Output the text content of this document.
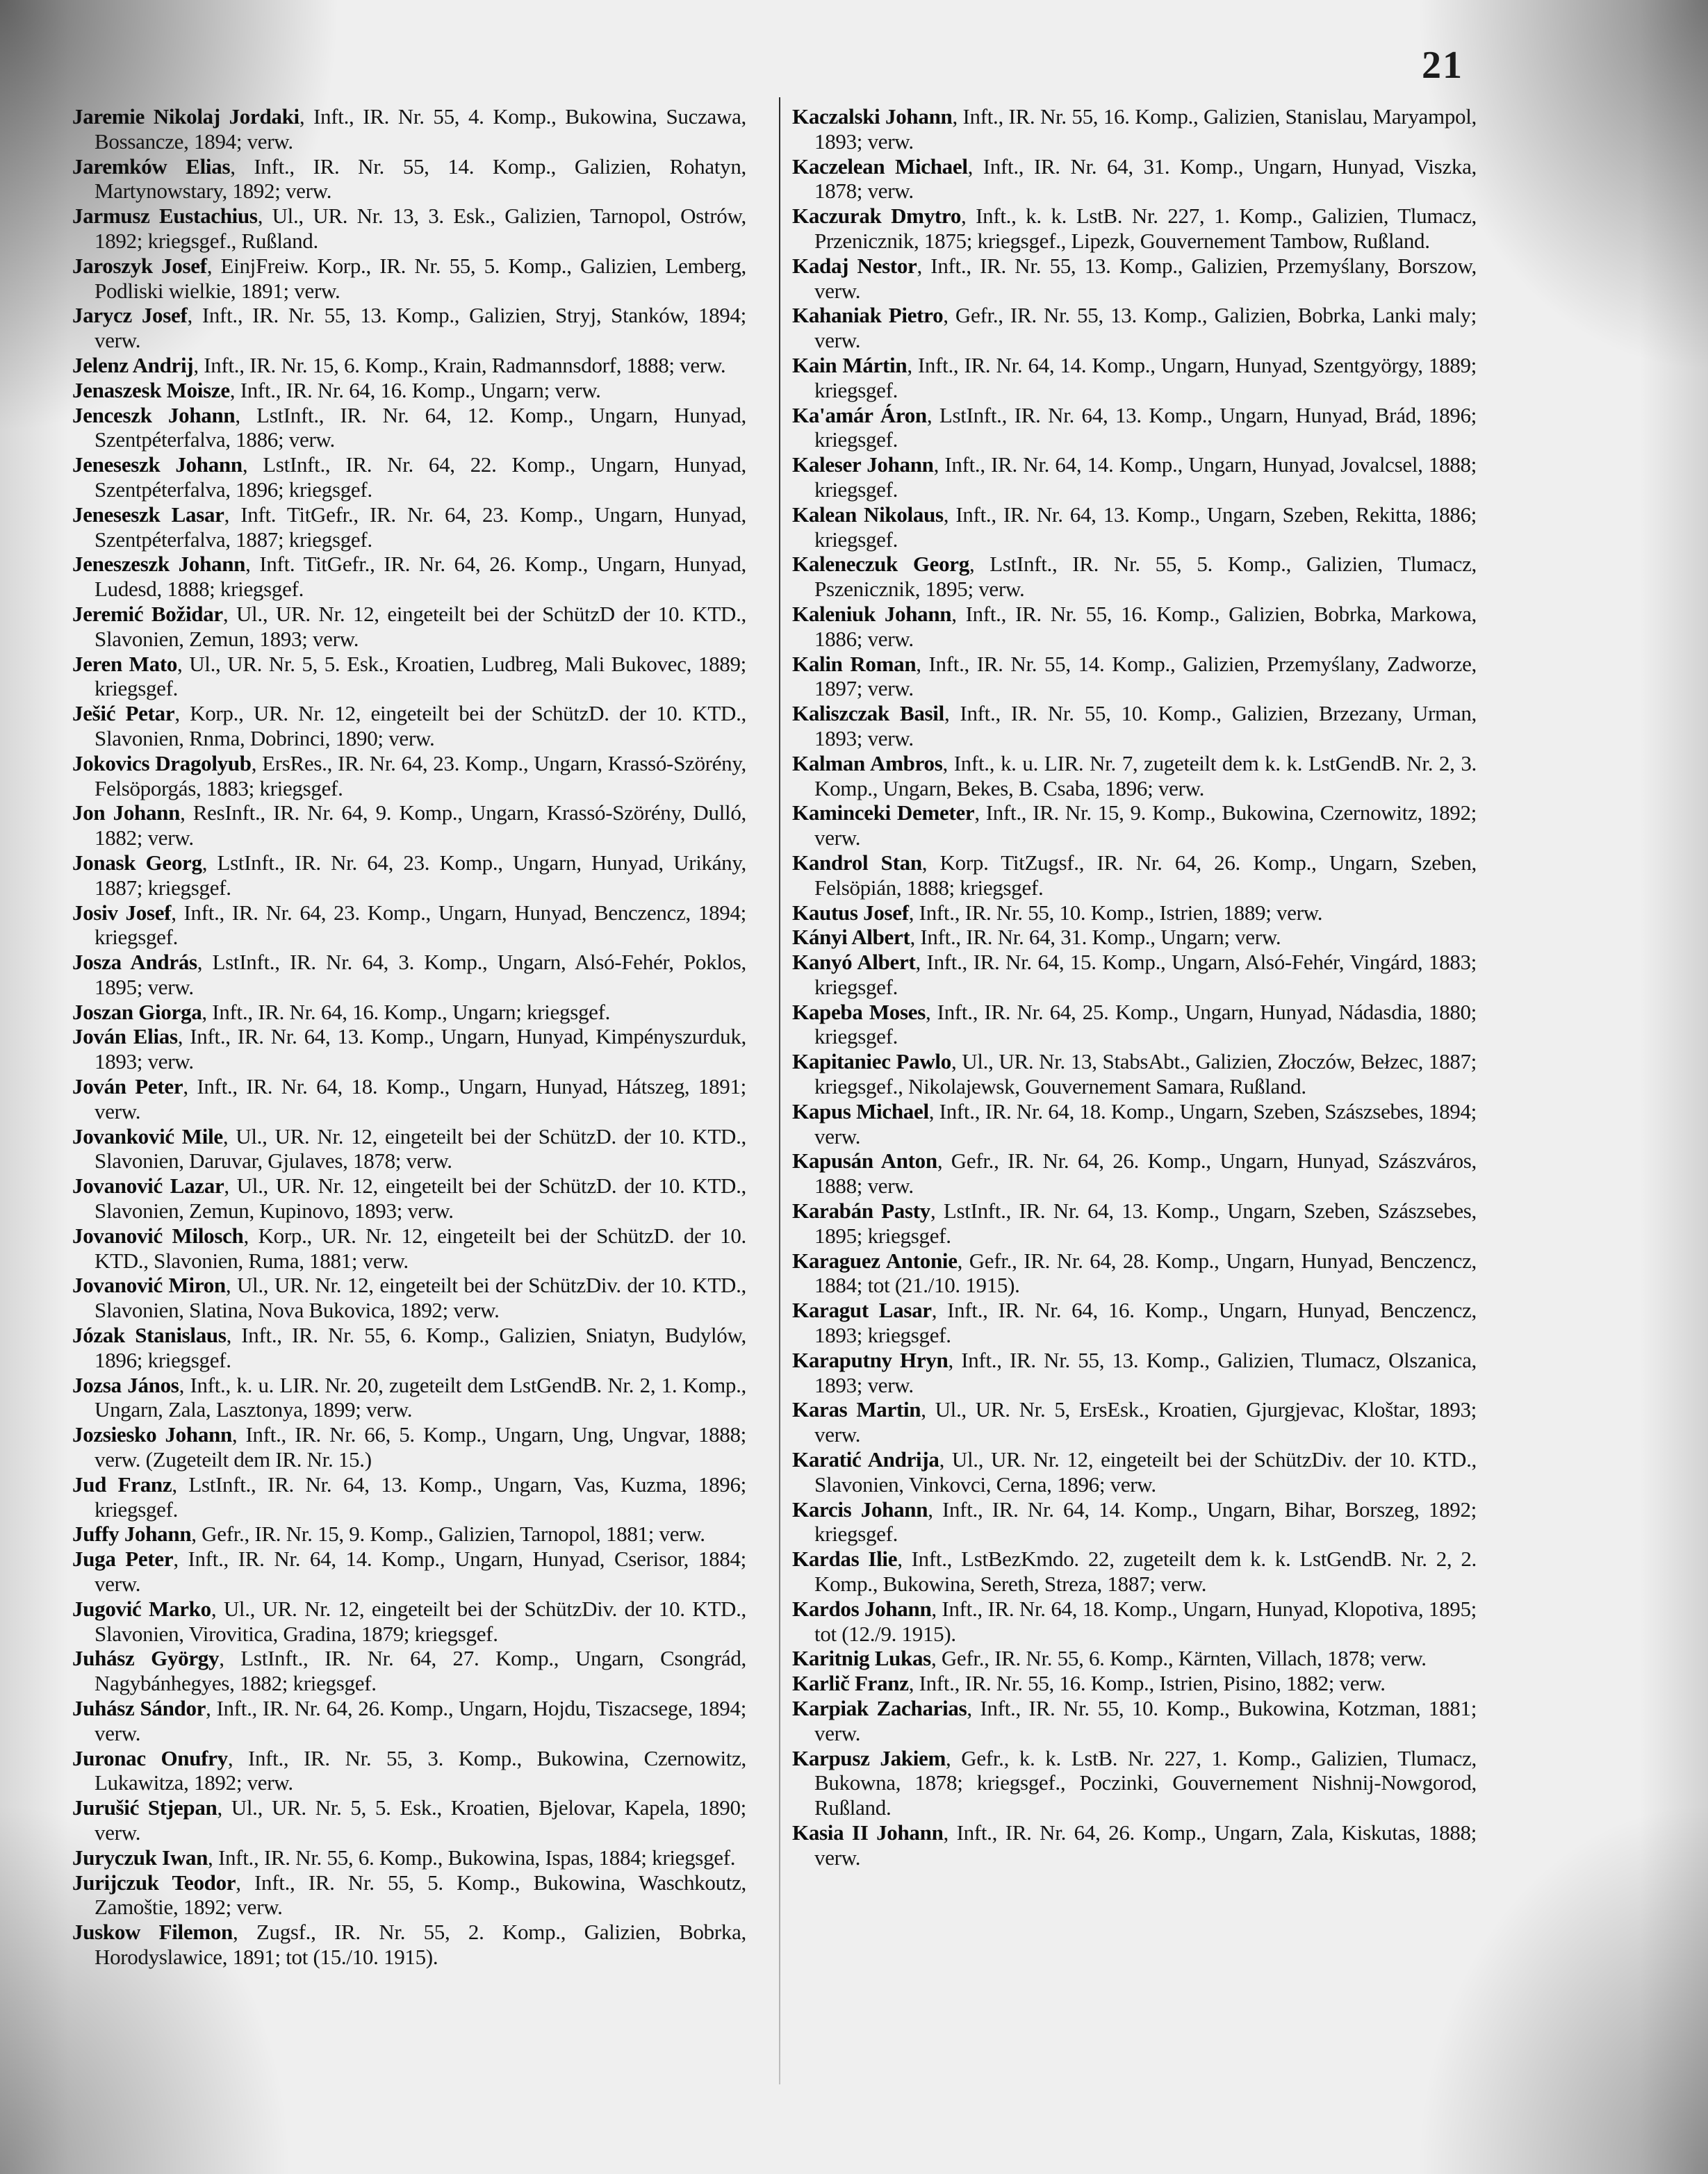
21

Jaremie Nikolaj Jordaki, Inft., IR. Nr. 55, 4. Komp., Bukowina, Suczawa, Bossancze, 1894; verw.

Jaremków Elias, Inft., IR. Nr. 55, 14. Komp., Galizien, Rohatyn, Martynowstary, 1892; verw.

Jarmusz Eustachius, Ul., UR. Nr. 13, 3. Esk., Galizien, Tarnopol, Ostrów, 1892; kriegsgef., Rußland.

Jaroszyk Josef, EinjFreiw. Korp., IR. Nr. 55, 5. Komp., Galizien, Lemberg, Podliski wielkie, 1891; verw.

Jarycz Josef, Inft., IR. Nr. 55, 13. Komp., Galizien, Stryj, Stanków, 1894; verw.

Jelenz Andrij, Inft., IR. Nr. 15, 6. Komp., Krain, Radmannsdorf, 1888; verw.

Jenaszesk Moisze, Inft., IR. Nr. 64, 16. Komp., Ungarn; verw.

Jenceszk Johann, LstInft., IR. Nr. 64, 12. Komp., Ungarn, Hunyad, Szentpéterfalva, 1886; verw.

Jeneseszk Johann, LstInft., IR. Nr. 64, 22. Komp., Ungarn, Hunyad, Szentpéterfalva, 1896; kriegsgef.

Jeneseszk Lasar, Inft. TitGefr., IR. Nr. 64, 23. Komp., Ungarn, Hunyad, Szentpéterfalva, 1887; kriegsgef.

Jeneszeszk Johann, Inft. TitGefr., IR. Nr. 64, 26. Komp., Ungarn, Hunyad, Ludesd, 1888; kriegsgef.

Jeremić Božidar, Ul., UR. Nr. 12, eingeteilt bei der SchützD der 10. KTD., Slavonien, Zemun, 1893; verw.

Jeren Mato, Ul., UR. Nr. 5, 5. Esk., Kroatien, Ludbreg, Mali Bukovec, 1889; kriegsgef.

Ješić Petar, Korp., UR. Nr. 12, eingeteilt bei der SchützD. der 10. KTD., Slavonien, Rnma, Dobrinci, 1890; verw.

Jokovics Dragolyub, ErsRes., IR. Nr. 64, 23. Komp., Ungarn, Krassó-Szörény, Felsöporgás, 1883; kriegsgef.

Jon Johann, ResInft., IR. Nr. 64, 9. Komp., Ungarn, Krassó-Szörény, Dulló, 1882; verw.

Jonask Georg, LstInft., IR. Nr. 64, 23. Komp., Ungarn, Hunyad, Urikány, 1887; kriegsgef.

Josiv Josef, Inft., IR. Nr. 64, 23. Komp., Ungarn, Hunyad, Benczencz, 1894; kriegsgef.

Josza András, LstInft., IR. Nr. 64, 3. Komp., Ungarn, Alsó-Fehér, Poklos, 1895; verw.

Joszan Giorga, Inft., IR. Nr. 64, 16. Komp., Ungarn; kriegsgef.

Jován Elias, Inft., IR. Nr. 64, 13. Komp., Ungarn, Hunyad, Kimpényszurduk, 1893; verw.

Jován Peter, Inft., IR. Nr. 64, 18. Komp., Ungarn, Hunyad, Hátszeg, 1891; verw.

Jovanković Mile, Ul., UR. Nr. 12, eingeteilt bei der SchützD. der 10. KTD., Slavonien, Daruvar, Gjulaves, 1878; verw.

Jovanović Lazar, Ul., UR. Nr. 12, eingeteilt bei der SchützD. der 10. KTD., Slavonien, Zemun, Kupinovo, 1893; verw.

Jovanović Milosch, Korp., UR. Nr. 12, eingeteilt bei der SchützD. der 10. KTD., Slavonien, Ruma, 1881; verw.

Jovanović Miron, Ul., UR. Nr. 12, eingeteilt bei der SchützDiv. der 10. KTD., Slavonien, Slatina, Nova Bukovica, 1892; verw.

Józak Stanislaus, Inft., IR. Nr. 55, 6. Komp., Galizien, Sniatyn, Budylów, 1896; kriegsgef.

Jozsa János, Inft., k. u. LIR. Nr. 20, zugeteilt dem LstGendB. Nr. 2, 1. Komp., Ungarn, Zala, Lasztonya, 1899; verw.

Jozsiesko Johann, Inft., IR. Nr. 66, 5. Komp., Ungarn, Ung, Ungvar, 1888; verw. (Zugeteilt dem IR. Nr. 15.)

Jud Franz, LstInft., IR. Nr. 64, 13. Komp., Ungarn, Vas, Kuzma, 1896; kriegsgef.

Juffy Johann, Gefr., IR. Nr. 15, 9. Komp., Galizien, Tarnopol, 1881; verw.

Juga Peter, Inft., IR. Nr. 64, 14. Komp., Ungarn, Hunyad, Cserisor, 1884; verw.

Jugović Marko, Ul., UR. Nr. 12, eingeteilt bei der SchützDiv. der 10. KTD., Slavonien, Virovitica, Gradina, 1879; kriegsgef.

Juhász György, LstInft., IR. Nr. 64, 27. Komp., Ungarn, Csongrád, Nagybánhegyes, 1882; kriegsgef.

Juhász Sándor, Inft., IR. Nr. 64, 26. Komp., Ungarn, Hojdu, Tiszacsege, 1894; verw.

Juronac Onufry, Inft., IR. Nr. 55, 3. Komp., Bukowina, Czernowitz, Lukawitza, 1892; verw.

Jurušić Stjepan, Ul., UR. Nr. 5, 5. Esk., Kroatien, Bjelovar, Kapela, 1890; verw.

Juryczuk Iwan, Inft., IR. Nr. 55, 6. Komp., Bukowina, Ispas, 1884; kriegsgef.

Jurijczuk Teodor, Inft., IR. Nr. 55, 5. Komp., Bukowina, Waschkoutz, Zamoštie, 1892; verw.

Juskow Filemon, Zugsf., IR. Nr. 55, 2. Komp., Galizien, Bobrka, Horodyslawice, 1891; tot (15./10. 1915).

Kaczalski Johann, Inft., IR. Nr. 55, 16. Komp., Galizien, Stanislau, Maryampol, 1893; verw.

Kaczelean Michael, Inft., IR. Nr. 64, 31. Komp., Ungarn, Hunyad, Viszka, 1878; verw.

Kaczurak Dmytro, Inft., k. k. LstB. Nr. 227, 1. Komp., Galizien, Tlumacz, Przenicznik, 1875; kriegsgef., Lipezk, Gouvernement Tambow, Rußland.

Kadaj Nestor, Inft., IR. Nr. 55, 13. Komp., Galizien, Przemyślany, Borszow, verw.

Kahaniak Pietro, Gefr., IR. Nr. 55, 13. Komp., Galizien, Bobrka, Lanki maly; verw.

Kain Mártin, Inft., IR. Nr. 64, 14. Komp., Ungarn, Hunyad, Szentgyörgy, 1889; kriegsgef.

Ka'amár Áron, LstInft., IR. Nr. 64, 13. Komp., Ungarn, Hunyad, Brád, 1896; kriegsgef.

Kaleser Johann, Inft., IR. Nr. 64, 14. Komp., Ungarn, Hunyad, Jovalcsel, 1888; kriegsgef.

Kalean Nikolaus, Inft., IR. Nr. 64, 13. Komp., Ungarn, Szeben, Rekitta, 1886; kriegsgef.

Kaleneczuk Georg, LstInft., IR. Nr. 55, 5. Komp., Galizien, Tlumacz, Pszenicznik, 1895; verw.

Kaleniuk Johann, Inft., IR. Nr. 55, 16. Komp., Galizien, Bobrka, Markowa, 1886; verw.

Kalin Roman, Inft., IR. Nr. 55, 14. Komp., Galizien, Przemyślany, Zadworze, 1897; verw.

Kaliszczak Basil, Inft., IR. Nr. 55, 10. Komp., Galizien, Brzezany, Urman, 1893; verw.

Kalman Ambros, Inft., k. u. LIR. Nr. 7, zugeteilt dem k. k. LstGendB. Nr. 2, 3. Komp., Ungarn, Bekes, B. Csaba, 1896; verw.

Kaminceki Demeter, Inft., IR. Nr. 15, 9. Komp., Bukowina, Czernowitz, 1892; verw.

Kandrol Stan, Korp. TitZugsf., IR. Nr. 64, 26. Komp., Ungarn, Szeben, Felsöpián, 1888; kriegsgef.

Kautus Josef, Inft., IR. Nr. 55, 10. Komp., Istrien, 1889; verw.

Kányi Albert, Inft., IR. Nr. 64, 31. Komp., Ungarn; verw.

Kanyó Albert, Inft., IR. Nr. 64, 15. Komp., Ungarn, Alsó-Fehér, Vingárd, 1883; kriegsgef.

Kapeba Moses, Inft., IR. Nr. 64, 25. Komp., Ungarn, Hunyad, Nádasdia, 1880; kriegsgef.

Kapitaniec Pawlo, Ul., UR. Nr. 13, StabsAbt., Galizien, Złoczów, Bełzec, 1887; kriegsgef., Nikolajewsk, Gouvernement Samara, Rußland.

Kapus Michael, Inft., IR. Nr. 64, 18. Komp., Ungarn, Szeben, Szászsebes, 1894; verw.

Kapusán Anton, Gefr., IR. Nr. 64, 26. Komp., Ungarn, Hunyad, Szászváros, 1888; verw.

Karabán Pasty, LstInft., IR. Nr. 64, 13. Komp., Ungarn, Szeben, Szászsebes, 1895; kriegsgef.

Karaguez Antonie, Gefr., IR. Nr. 64, 28. Komp., Ungarn, Hunyad, Benczencz, 1884; tot (21./10. 1915).

Karagut Lasar, Inft., IR. Nr. 64, 16. Komp., Ungarn, Hunyad, Benczencz, 1893; kriegsgef.

Karaputny Hryn, Inft., IR. Nr. 55, 13. Komp., Galizien, Tlumacz, Olszanica, 1893; verw.

Karas Martin, Ul., UR. Nr. 5, ErsEsk., Kroatien, Gjurgjevac, Kloštar, 1893; verw.

Karatić Andrija, Ul., UR. Nr. 12, eingeteilt bei der SchützDiv. der 10. KTD., Slavonien, Vinkovci, Cerna, 1896; verw.

Karcis Johann, Inft., IR. Nr. 64, 14. Komp., Ungarn, Bihar, Borszeg, 1892; kriegsgef.

Kardas Ilie, Inft., LstBezKmdo. 22, zugeteilt dem k. k. LstGendB. Nr. 2, 2. Komp., Bukowina, Sereth, Streza, 1887; verw.

Kardos Johann, Inft., IR. Nr. 64, 18. Komp., Ungarn, Hunyad, Klopotiva, 1895; tot (12./9. 1915).

Karitnig Lukas, Gefr., IR. Nr. 55, 6. Komp., Kärnten, Villach, 1878; verw.

Karlič Franz, Inft., IR. Nr. 55, 16. Komp., Istrien, Pisino, 1882; verw.

Karpiak Zacharias, Inft., IR. Nr. 55, 10. Komp., Bukowina, Kotzman, 1881; verw.

Karpusz Jakiem, Gefr., k. k. LstB. Nr. 227, 1. Komp., Galizien, Tlumacz, Bukowna, 1878; kriegsgef., Poczinki, Gouvernement Nishnij-Nowgorod, Rußland.

Kasia II Johann, Inft., IR. Nr. 64, 26. Komp., Ungarn, Zala, Kiskutas, 1888; verw.
